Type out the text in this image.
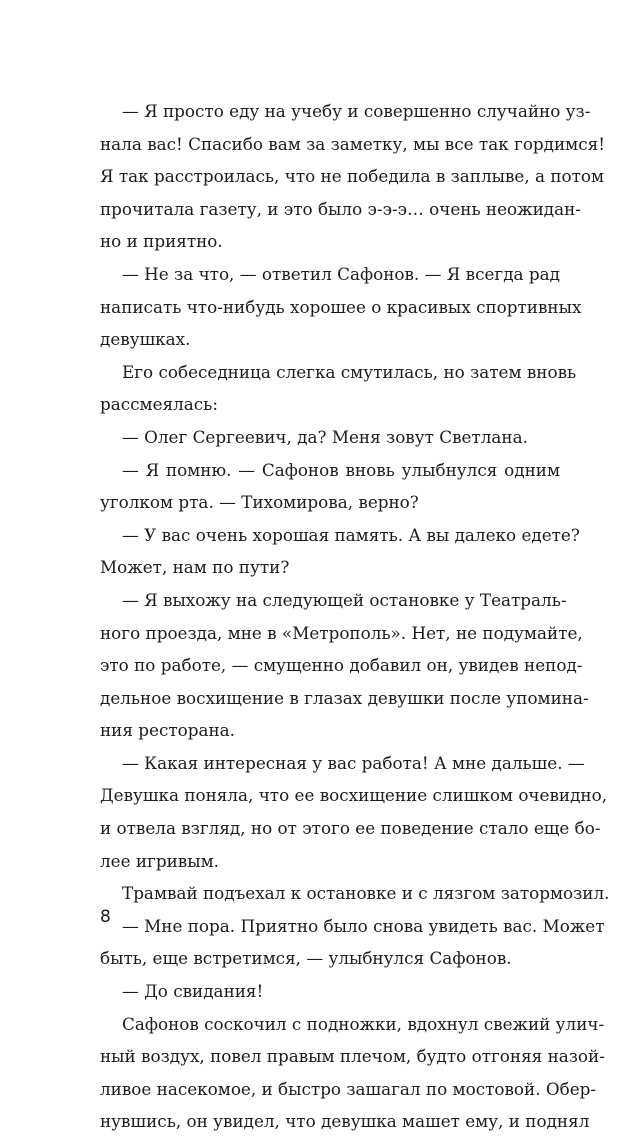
— Я просто еду на учебу и совершенно случайно уз-
нала вас! Спасибо вам за заметку, мы все так гордимся!
Я так расстроилась, что не победила в заплыве, а потом
прочитала газету, и это было э-э-э… очень неожидан-
но и приятно.
— Не за что, — ответил Сафонов. — Я всегда рад
написать что-нибудь хорошее о красивых спортивных
девушках.
Его собеседница слегка смутилась, но затем вновь
рассмеялась:
— Олег Сергеевич, да? Меня зовут Светлана.
— Я помню. — Сафонов вновь улыбнулся одним
уголком рта. — Тихомирова, верно?
— У вас очень хорошая память. А вы далеко едете?
Может, нам по пути?
— Я выхожу на следующей остановке у Театраль-
ного проезда, мне в «Метрополь». Нет, не подумайте,
это по работе, — смущенно добавил он, увидев непод-
дельное восхищение в глазах девушки после упомина-
ния ресторана.
— Какая интересная у вас работа! А мне дальше. —
Девушка поняла, что ее восхищение слишком очевидно,
и отвела взгляд, но от этого ее поведение стало еще бо-
лее игривым.
Трамвай подъехал к остановке и с лязгом затормозил.
— Мне пора. Приятно было снова увидеть вас. Может
быть, еще встретимся, — улыбнулся Сафонов.
— До свидания!
Сафонов соскочил с подножки, вдохнул свежий улич-
ный воздух, повел правым плечом, будто отгоняя назой-
ливое насекомое, и быстро зашагал по мостовой. Обер-
нувшись, он увидел, что девушка машет ему, и поднял
8
